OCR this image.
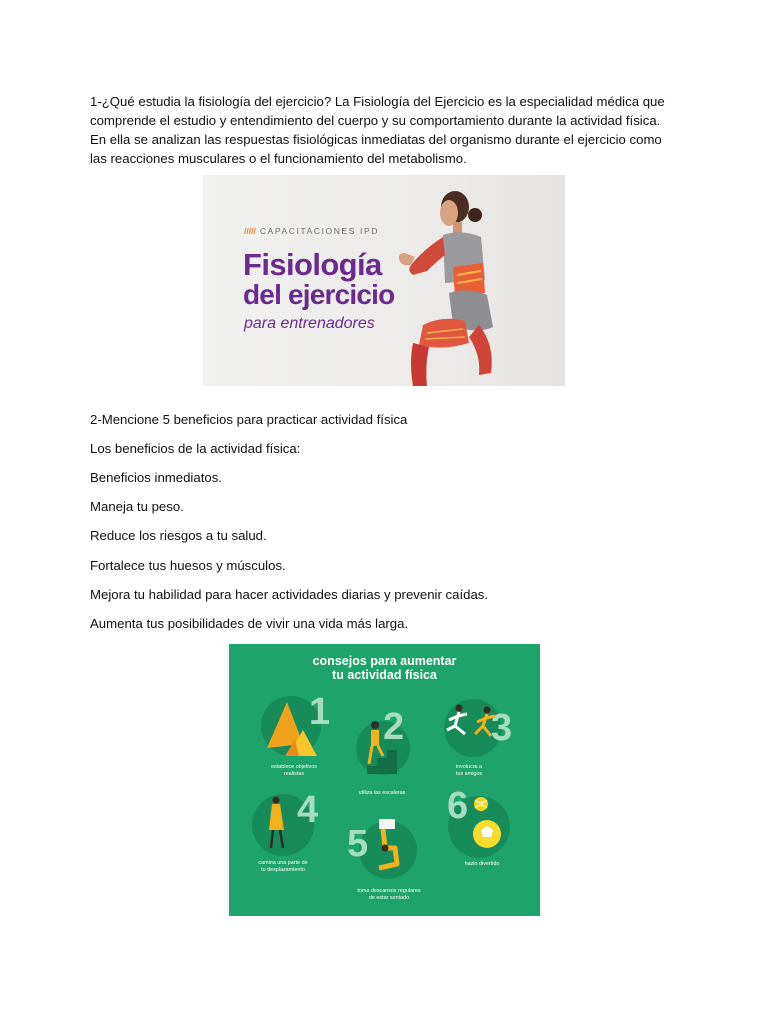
1-¿Qué estudia la fisiología del ejercicio? La Fisiología del Ejercicio es la especialidad médica que comprende el estudio y entendimiento del cuerpo y su comportamiento durante la actividad física. En ella se analizan las respuestas fisiológicas inmediatas del organismo durante el ejercicio como las reacciones musculares o el funcionamiento del metabolismo.

///// CAPACITACIONES IPD
Fisiología
del ejercicio
para entrenadores

2-Mencione 5 beneficios para practicar actividad física

Los beneficios de la actividad física:

Beneficios inmediatos.

Maneja tu peso.

Reduce los riesgos a tu salud.

Fortalece tus huesos y músculos.

Mejora tu habilidad para hacer actividades diarias y prevenir caídas.

Aumenta tus posibilidades de vivir una vida más larga.

consejos para aumentar
tu actividad física
1 2 3
4
5
6
establece objetivos
realistas
utiliza las escaleras
involucra a
tus amigos
camina una parte de
tu desplazamiento
toma descansos regulares
de estar sentado
hazlo divertido
